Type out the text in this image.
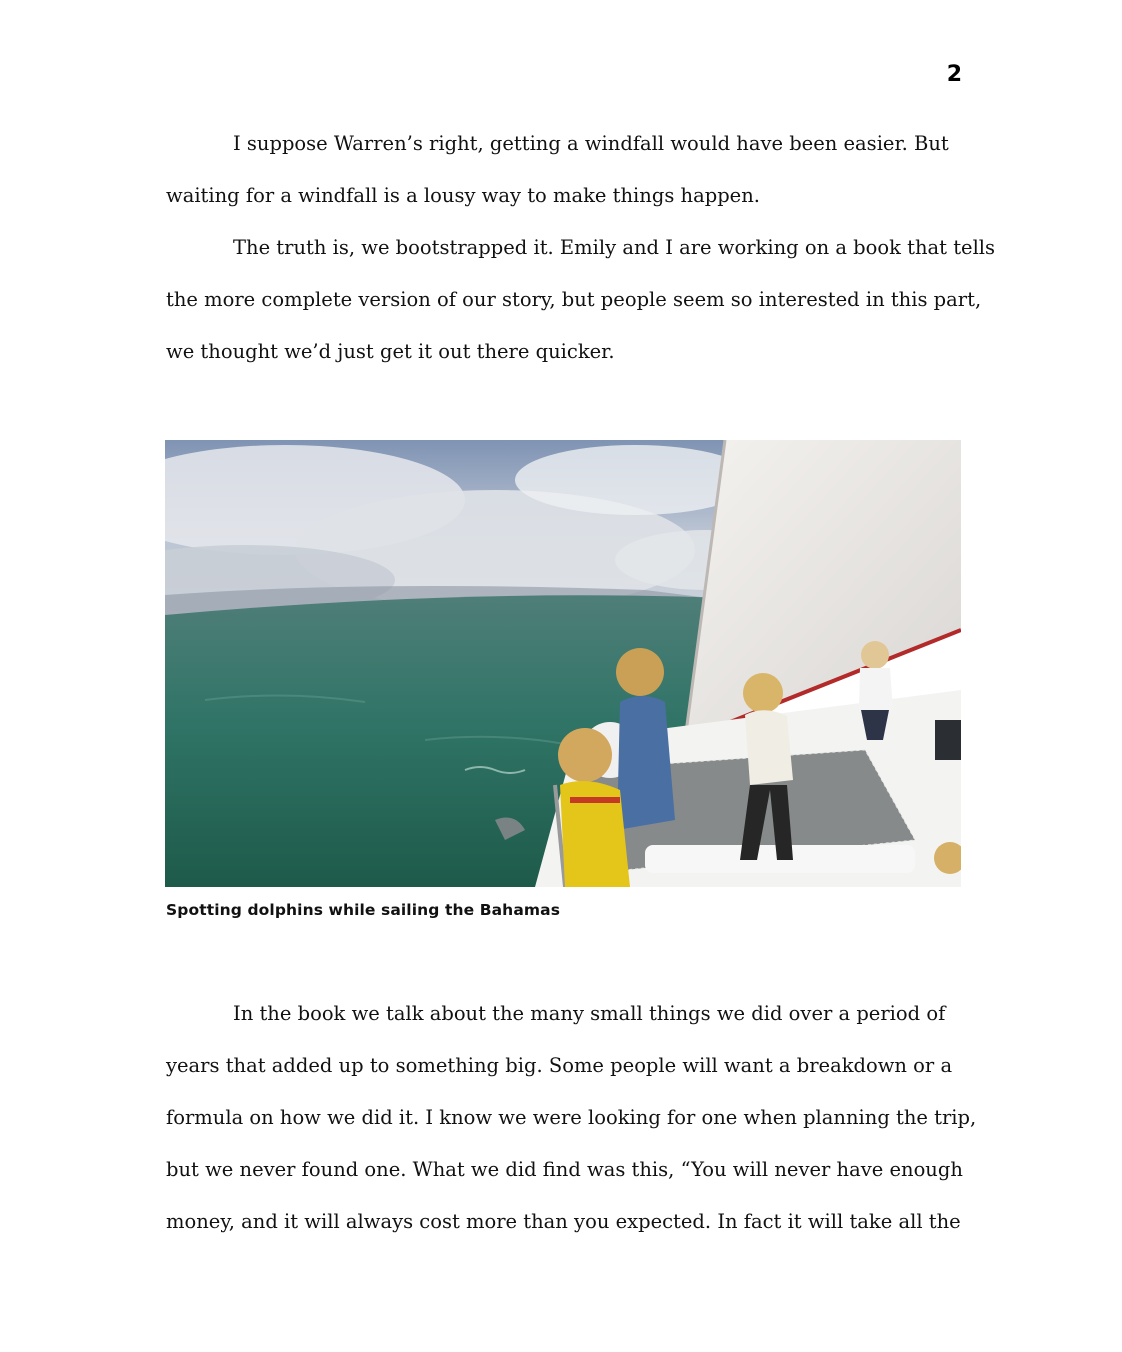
2
I suppose Warren’s right, getting a windfall would have been easier. But
waiting for a windfall is a lousy way to make things happen.
The truth is, we bootstrapped it. Emily and I are working on a book that tells
the more complete version of our story, but people seem so interested in this part,
we thought we’d just get it out there quicker.
Spotting dolphins while sailing the Bahamas
In the book we talk about the many small things we did over a period of
years that added up to something big. Some people will want a breakdown or a
formula on how we did it. I know we were looking for one when planning the trip,
but we never found one. What we did find was this, “You will never have enough
money, and it will always cost more than you expected. In fact it will take all the
